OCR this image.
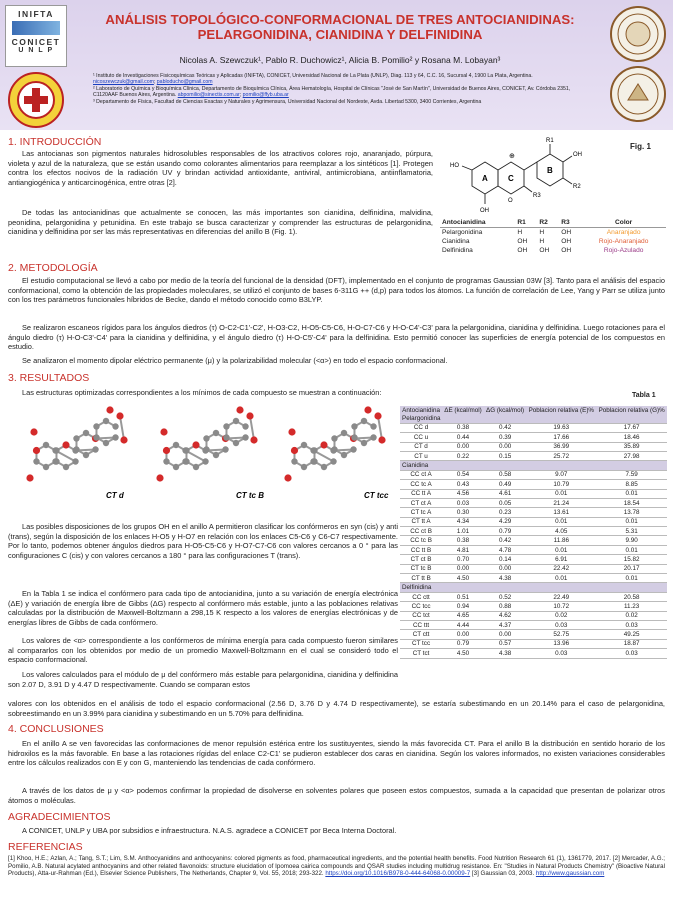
INIFTA
CONICET
U N L P
ANÁLISIS TOPOLÓGICO-CONFORMACIONAL DE TRES ANTOCIANIDINAS:
PELARGONIDINA, CIANIDINA Y DELFINIDINA
Nicolas A. Szewczuk¹, Pablo R. Duchowicz¹, Alicia B. Pomilio² y Rosana M. Lobayan³
¹ Instituto de Investigaciones Fisicoquímicas Teóricas y Aplicadas (INIFTA), CONICET, Universidad Nacional de La Plata (UNLP), Diag. 113 y 64, C.C. 16, Sucursal 4, 1900 La Plata, Argentina. nicoszewczuk@gmail.com; pabloducho@gmail.com
² Laboratorio de Química y Bioquímica Clínica, Departamento de Bioquímica Clínica, Área Hematología, Hospital de Clínicas "José de San Martín", Universidad de Buenos Aires, CONICET, Av. Córdoba 2351, C1120AAF Buenos Aires, Argentina. abpomilio@sinectis.com.ar; pomilio@ffyb.uba.ar
³ Departamento de Física, Facultad de Ciencias Exactas y Naturales y Agrimensura, Universidad Nacional del Nordeste, Avda. Libertad 5300, 3400 Corrientes, Argentina
1. INTRODUCCIÓN
Las antocianas son pigmentos naturales hidrosolubles responsables de los atractivos colores rojo, anaranjado, púrpura, violeta y azul de la naturaleza, que se están usando como colorantes alimentarios para reemplazar a los sintéticos [1]. Protegen contra los efectos nocivos de la radiación UV y brindan actividad antioxidante, antiviral, antimicrobiana, antiinflamatoria, antiangiogénica y anticarcinogénica, entre otras [2].
De todas las antocianidinas que actualmente se conocen, las más importantes son cianidina, delfinidina, malvidina, peonidina, pelargonidina y petunidina. En este trabajo se busca caracterizar y comprender las estructuras de pelargonidina, cianidina y delfinidina por ser las más representativas en diferencias del anillo B (Fig. 1).
Fig. 1
A	C
B
HO
OH
R1
R2
R3
OH
⊕
O
Antocianidina	R1	R2	R3	Color
Pelargonidina	H	H	OH	Anaranjado
Cianidina	OH	H	OH	Rojo-Anaranjado
Delfinidina	OH	OH	OH	Rojo-Azulado
2. METODOLOGÍA
El estudio computacional se llevó a cabo por medio de la teoría del funcional de la densidad (DFT), implementado en el conjunto de programas Gaussian 03W [3]. Tanto para el análisis del espacio conformacional, como la obtención de las propiedades moleculares, se utilizó el conjunto de bases 6-311G ++ (d,p) para todos los átomos. La función de correlación de Lee, Yang y Parr se utiliza junto con los tres parámetros funcionales híbridos de Becke, dando el método conocido como B3LYP.
Se realizaron escaneos rígidos para los ángulos diedros (τ) O-C2-C1'-C2', H-O3-C2, H-O5-C5-C6, H-O-C7-C6 y H-O-C4'-C3' para la pelargonidina, cianidina y delfinidina. Luego rotaciones para el ángulo diedro (τ) H-O-C3'-C4' para la cianidina y delfinidina, y el ángulo diedro (τ) H-O-C5'-C4' para la delfinidina. Esto permitió conocer las superficies de energía potencial de los compuestos en estudio.
Se analizaron el momento dipolar eléctrico permanente (μ) y la polarizabilidad molecular (<α>) en todo el espacio conformacional.
3. RESULTADOS
Las estructuras optimizadas correspondientes a los mínimos de cada compuesto se muestran a continuación:
CT d	CT tc B	CT tcc
Las posibles disposiciones de los grupos OH en el anillo A permitieron clasificar los confórmeros en syn (cis) y anti (trans), según la disposición de los enlaces H-O5 y H-O7 en relación con los enlaces C5-C6 y C6-C7 respectivamente. Por lo tanto, podemos obtener ángulos diedros para H-O5-C5-C6 y H-O7-C7-C6 con valores cercanos a 0 ° para las configuraciones C (cis) y con valores cercanos a 180 ° para las configuraciones T (trans).
En la Tabla 1 se indica el confórmero para cada tipo de antocianidina, junto a su variación de energía electrónica (ΔE) y variación de energía libre de Gibbs (ΔG) respecto al confórmero más estable, junto a las poblaciones relativas calculadas por la distribución de Maxwell-Boltzmann a 298,15 K respecto a los valores de energías electrónicas y de energías libres de Gibbs de cada confórmero.
Los valores de <α> correspondiente a los confórmeros de mínima energía para cada compuesto fueron similares al compararlos con los obtenidos por medio de un promedio Maxwell-Boltzmann en el cual se consideró todo el espacio conformacional.
Los valores calculados para el módulo de μ del confórmero más estable para pelargonidina, cianidina y delfinidina son 2.07 D, 3.91 D y 4.47 D respectivamente. Cuando se comparan estos
valores con los obtenidos en el análisis de todo el espacio conformacional (2.56 D, 3.76 D y 4.74 D respectivamente), se estaría subestimando en un 20.14% para el caso de pelargonidina, sobreestimando en un 3.99% para cianidina y subestimando en un 5.70% para delfinidina.
Tabla 1
Antocianidina	ΔE (kcal/mol)	ΔG (kcal/mol)	Poblacion relativa (E)%	Poblacion relativa (G)%
Pelargonidina				
CC d	0.38	0.42	19.63	17.67
CC u	0.44	0.39	17.66	18.46
CT d	0.00	0.00	36.99	35.89
CT u	0.22	0.15	25.72	27.98
Cianidina				
CC ct A	0.54	0.58	9.07	7.59
CC tc A	0.43	0.49	10.79	8.85
CC tt A	4.56	4.61	0.01	0.01
CT ct A	0.03	0.05	21.24	18.54
CT tc A	0.30	0.23	13.61	13.78
CT tt A	4.34	4.29	0.01	0.01
CC ct B	1.01	0.79	4.05	5.31
CC tc B	0.38	0.42	11.86	9.90
CC tt B	4.81	4.78	0.01	0.01
CT ct B	0.70	0.14	6.91	15.82
CT tc B	0.00	0.00	22.42	20.17
CT tt B	4.50	4.38	0.01	0.01
Delfinidina				
CC ctt	0.51	0.52	22.49	20.58
CC tcc	0.94	0.88	10.72	11.23
CC tct	4.65	4.62	0.02	0.02
CC ttt	4.44	4.37	0.03	0.03
CT ctt	0.00	0.00	52.75	49.25
CT tcc	0.79	0.57	13.96	18.87
CT tct	4.50	4.38	0.03	0.03
4. CONCLUSIONES
En el anillo A se ven favorecidas las conformaciones de menor repulsión estérica entre los sustituyentes, siendo la más favorecida CT. Para el anillo B la distribución en sentido horario de los hidroxilos es la más favorable. En base a las rotaciones rígidas del enlace C2-C1' se pudieron establecer dos caras en cianidina. Según los valores informados, no existen variaciones considerables entre los cálculos realizados con E y con G, manteniendo las tendencias de cada confórmero.
A través de los datos de μ y <α> podemos confirmar la propiedad de disolverse en solventes polares que poseen estos compuestos, sumada a la capacidad que presentan de polarizar otros átomos o moléculas.
AGRADECIMIENTOS
A CONICET, UNLP y UBA por subsidios e infraestructura. N.A.S. agradece a CONICET por Beca Interna Doctoral.
REFERENCIAS
[1] Khoo, H.E.; Azlan, A.; Tang, S.T.; Lim, S.M. Anthocyanidins and anthocyanins: colored pigments as food, pharmaceutical ingredients, and the potential health benefits. Food Nutrition Research 61 (1), 1361779, 2017. [2] Mercader, A.G.; Pomilio, A.B. Natural acylated anthocyanins and other related flavonoids: structure elucidation of Ipomoea cairica compounds and QSAR studies including multidrug resistance. En: "Studies in Natural Products Chemistry" (Bioactive Natural Products), Atta-ur-Rahman (Ed.), Elsevier Science Publishers, The Netherlands, Chapter 9, Vol. 55, 2018; 293-322. https://doi.org/10.1016/B978-0-444-64068-0.00009-7 [3] Gaussian 03, 2003. http://www.gaussian.com
